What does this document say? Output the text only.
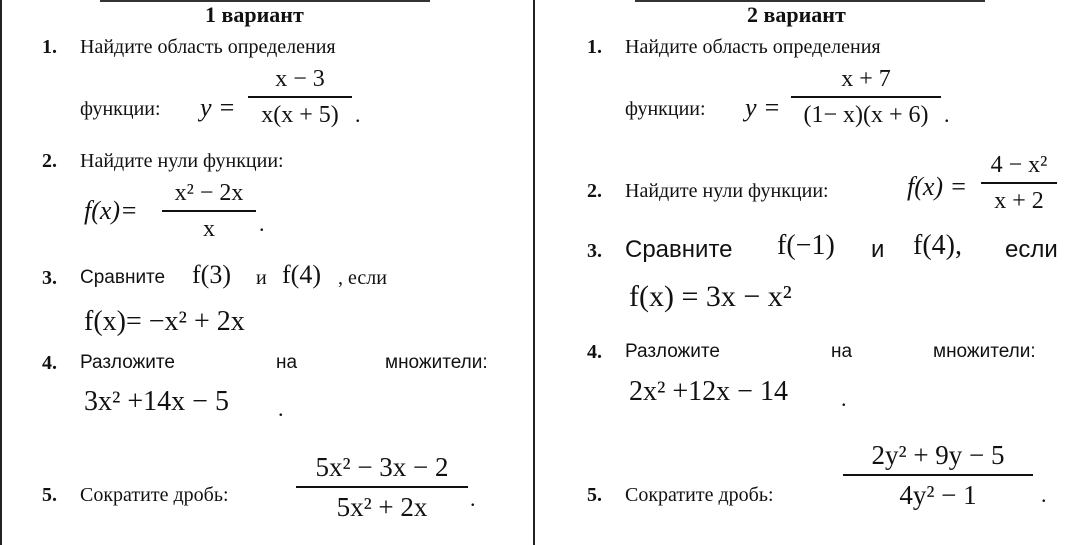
1 вариант
1. Найдите область определения
функции: y =
x − 3
x(x + 5) .
2. Найдите нули функции:
f(x)=
x² − 2x
x	.
3. Сравните f(3) и f(4) , если
f(x)= −x² + 2x
4. Разложите	на	множители:
3x² +14x − 5 .
5. Сократите дробь:
5x² − 3x − 2
5x² + 2x	.
2 вариант
1. Найдите область определения
функции: y =
x + 7
(1− x)(x + 6) .
2. Найдите нули функции:	f(x) =
4 − x²
x + 2
3. Сравните f(−1) и f(4), если
f(x) = 3x − x²
4. Разложите	на	множители:
2x² +12x − 14 .
5. Сократите дробь:
2y² + 9y − 5
4y² − 1	.
